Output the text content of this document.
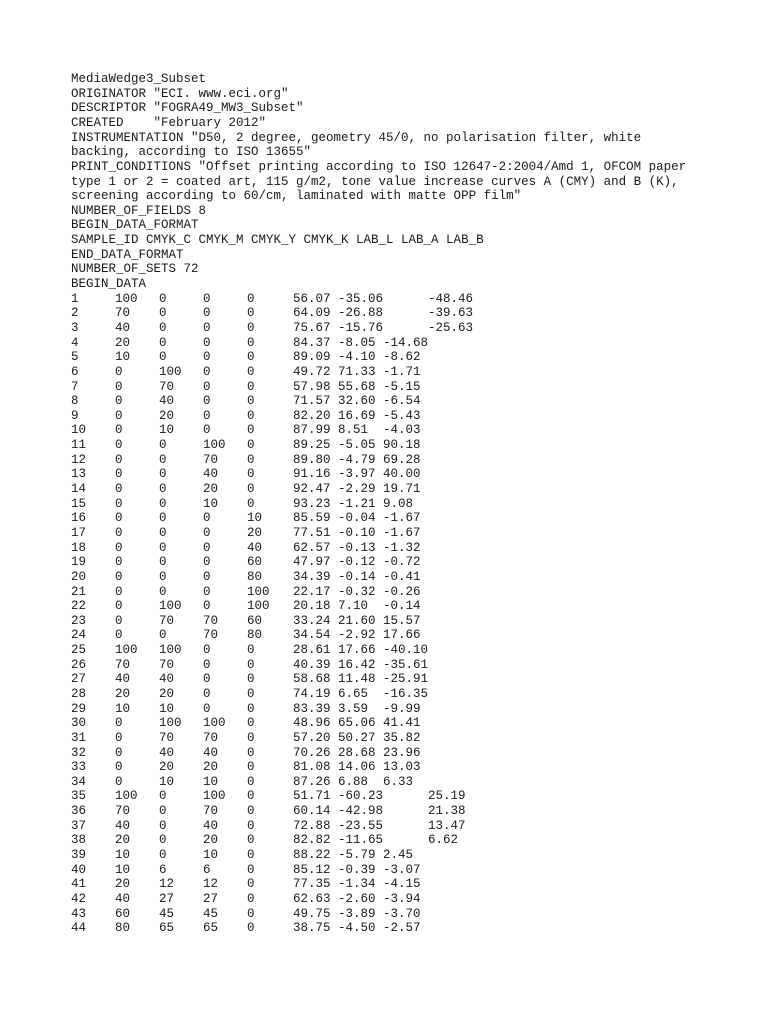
MediaWedge3_Subset
ORIGINATOR "ECI. www.eci.org"
DESCRIPTOR "FOGRA49_MW3_Subset"
CREATED    "February 2012"
INSTRUMENTATION "D50, 2 degree, geometry 45/0, no polarisation filter, white backing, according to ISO 13655"
PRINT_CONDITIONS "Offset printing according to ISO 12647-2:2004/Amd 1, OFCOM paper type 1 or 2 = coated art, 115 g/m2, tone value increase curves A (CMY) and B (K), screening according to 60/cm, laminated with matte OPP film"
NUMBER_OF_FIELDS 8
BEGIN_DATA_FORMAT
SAMPLE_ID CMYK_C CMYK_M CMYK_Y CMYK_K LAB_L LAB_A LAB_B
END_DATA_FORMAT
NUMBER_OF_SETS 72
BEGIN_DATA
1	100 0	0	0	56.07 -35.06      -48.46
2	70 0	0	0	64.09 -26.88      -39.63
3	40 0	0	0	75.67 -15.76      -25.63
4	20 0	0	0	84.37 -8.05 -14.68
5	10 0	0	0	89.09 -4.10 -8.62
6	0	100 0	0	49.72 71.33 -1.71
7	0	70 0	0	57.98 55.68 -5.15
8	0	40 0	0	71.57 32.60 -6.54
9	0	20 0	0	82.20 16.69 -5.43
10 0	10 0	0	87.99 8.51  -4.03
11 0	0	100 0	89.25 -5.05 90.18
12 0	0	70 0	89.80 -4.79 69.28
13 0	0	40 0	91.16 -3.97 40.00
14 0	0	20 0	92.47 -2.29 19.71
15 0	0	10 0	93.23 -1.21 9.08
16 0	0	0	10 85.59 -0.04 -1.67
17 0	0	0	20 77.51 -0.10 -1.67
18 0	0	0	40 62.57 -0.13 -1.32
19 0	0	0	60 47.97 -0.12 -0.72
20 0	0	0	80 34.39 -0.14 -0.41
21 0	0	0	100 22.17 -0.32 -0.26
22 0	100 0	100 20.18 7.10  -0.14
23 0	70 70 60 33.24 21.60 15.57
24 0	0	70 80 34.54 -2.92 17.66
25 100 100 0	0	28.61 17.66 -40.10
26 70 70 0	0	40.39 16.42 -35.61
27 40 40 0	0	58.68 11.48 -25.91
28 20 20 0	0	74.19 6.65  -16.35
29 10 10 0	0	83.39 3.59  -9.99
30 0	100 100 0	48.96 65.06 41.41
31 0	70 70 0	57.20 50.27 35.82
32 0	40 40 0	70.26 28.68 23.96
33 0	20 20 0	81.08 14.06 13.03
34 0	10 10 0	87.26 6.88  6.33
35 100 0	100 0	51.71 -60.23      25.19
36 70 0	70 0	60.14 -42.98      21.38
37 40 0	40 0	72.88 -23.55      13.47
38 20 0	20 0	82.82 -11.65      6.62
39 10 0	10 0	88.22 -5.79 2.45
40 10 6	6	0	85.12 -0.39 -3.07
41 20 12 12 0	77.35 -1.34 -4.15
42 40 27 27 0	62.63 -2.60 -3.94
43 60 45 45 0	49.75 -3.89 -3.70
44 80 65 65 0	38.75 -4.50 -2.57
